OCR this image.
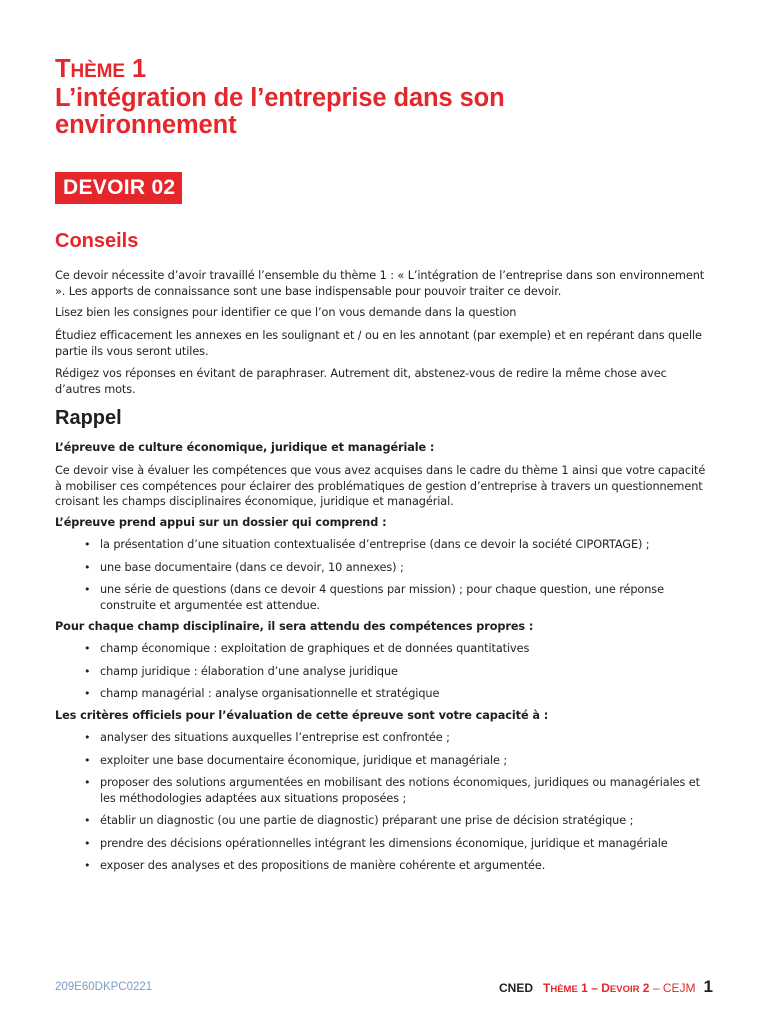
THÈME 1
L’intégration de l’entreprise dans son
environnement
DEVOIR 02
Conseils

Ce devoir nécessite d’avoir travaillé l’ensemble du thème 1 : « L’intégration de l’entreprise dans son environnement ». Les apports de connaissance sont une base indispensable pour pouvoir traiter ce devoir.

Lisez bien les consignes pour identifier ce que l’on vous demande dans la question

Étudiez efficacement les annexes en les soulignant et / ou en les annotant (par exemple) et en repérant dans quelle partie ils vous seront utiles.

Rédigez vos réponses en évitant de paraphraser. Autrement dit, abstenez-vous de redire la même chose avec d’autres mots.

Rappel

L’épreuve de culture économique, juridique et managériale :

Ce devoir vise à évaluer les compétences que vous avez acquises dans le cadre du thème 1 ainsi que votre capacité à mobiliser ces compétences pour éclairer des problématiques de gestion d’entreprise à travers un questionnement croisant les champs disciplinaires économique, juridique et managérial.

L’épreuve prend appui sur un dossier qui comprend :

• la présentation d’une situation contextualisée d’entreprise (dans ce devoir la société CIPORTAGE) ;
• une base documentaire (dans ce devoir, 10 annexes) ;
• une série de questions (dans ce devoir 4 questions par mission) ; pour chaque question, une réponse construite et argumentée est attendue.

Pour chaque champ disciplinaire, il sera attendu des compétences propres :

• champ économique : exploitation de graphiques et de données quantitatives
• champ juridique : élaboration d’une analyse juridique
• champ managérial : analyse organisationnelle et stratégique

Les critères officiels pour l’évaluation de cette épreuve sont votre capacité à :

• analyser des situations auxquelles l’entreprise est confrontée ;
• exploiter une base documentaire économique, juridique et managériale ;
• proposer des solutions argumentées en mobilisant des notions économiques, juridiques ou managériales et les méthodologies adaptées aux situations proposées ;
• établir un diagnostic (ou une partie de diagnostic) préparant une prise de décision stratégique ;
• prendre des décisions opérationnelles intégrant les dimensions économique, juridique et managériale
• exposer des analyses et des propositions de manière cohérente et argumentée.
209E60DKPC0221	CNED THÈME 1 – DEVOIR 2 – CEJM 1
